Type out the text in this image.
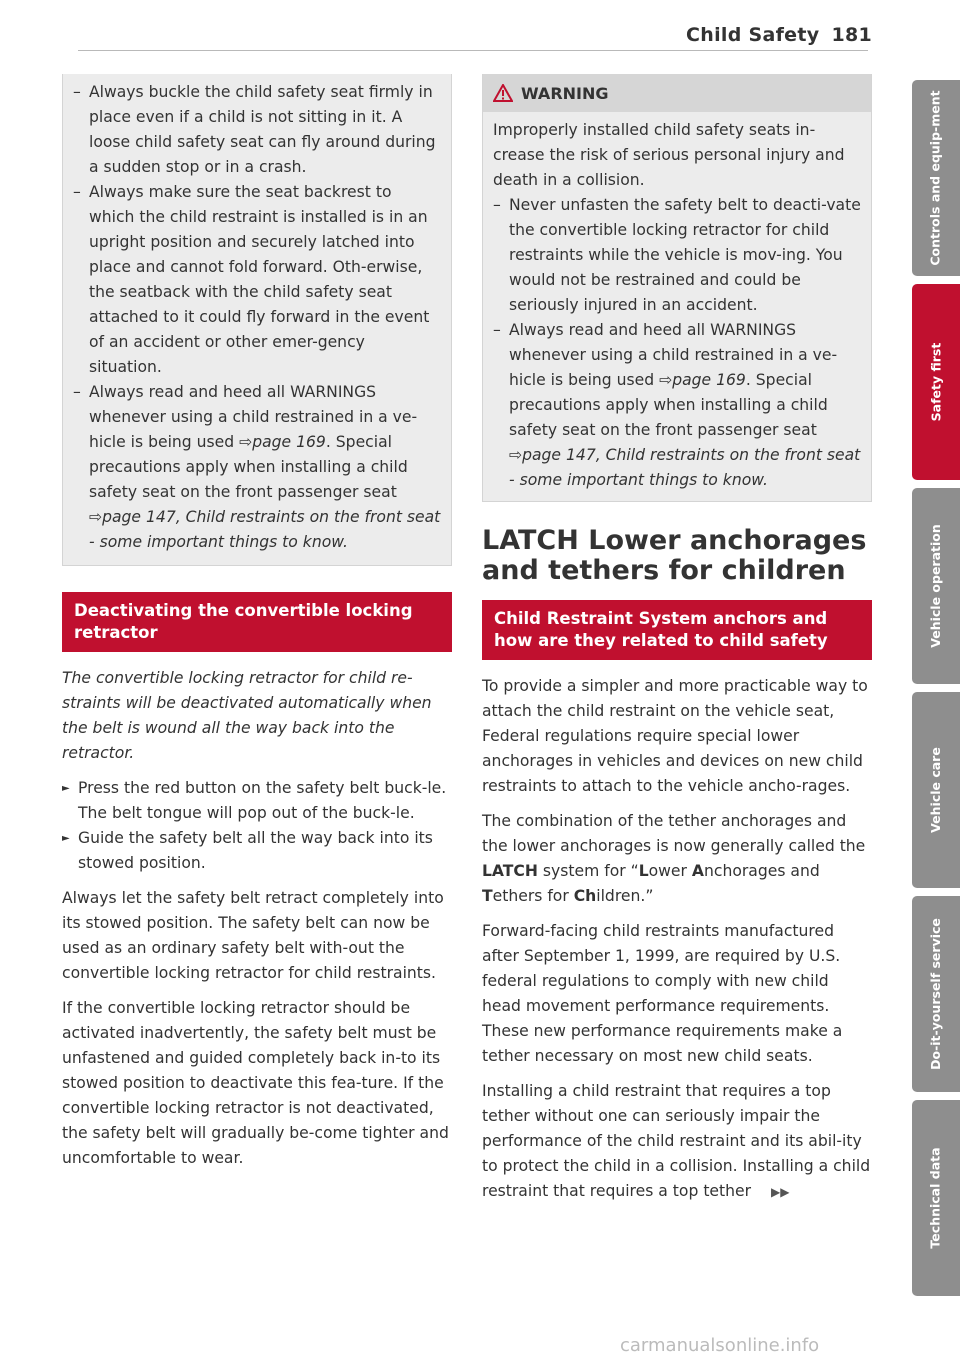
Child Safety 181
– Always buckle the child safety seat firmly in place even if a child is not sitting in it. A loose child safety seat can fly around during a sudden stop or in a crash.
– Always make sure the seat backrest to which the child restraint is installed is in an upright position and securely latched into place and cannot fold forward. Oth-erwise, the seatback with the child safety seat attached to it could fly forward in the event of an accident or other emer-gency situation.
– Always read and heed all WARNINGS whenever using a child restrained in a ve-hicle is being used ⇨page 169. Special precautions apply when installing a child safety seat on the front passenger seat ⇨page 147, Child restraints on the front seat - some important things to know.
Deactivating the convertible locking retractor

The convertible locking retractor for child re-straints will be deactivated automatically when the belt is wound all the way back into the retractor.

► Press the red button on the safety belt buck-le. The belt tongue will pop out of the buck-le.
► Guide the safety belt all the way back into its stowed position.

Always let the safety belt retract completely into its stowed position. The safety belt can now be used as an ordinary safety belt with-out the convertible locking retractor for child restraints.

If the convertible locking retractor should be activated inadvertently, the safety belt must be unfastened and guided completely back in-to its stowed position to deactivate this fea-ture. If the convertible locking retractor is not deactivated, the safety belt will gradually be-come tighter and uncomfortable to wear.

WARNING

Improperly installed child safety seats in-crease the risk of serious personal injury and death in a collision.

– Never unfasten the safety belt to deacti-vate the convertible locking retractor for child restraints while the vehicle is mov-ing. You would not be restrained and could be seriously injured in an accident.
– Always read and heed all WARNINGS whenever using a child restrained in a ve-hicle is being used ⇨page 169. Special precautions apply when installing a child safety seat on the front passenger seat ⇨page 147, Child restraints on the front seat - some important things to know.
LATCH Lower anchorages and tethers for children
Child Restraint System anchors and how are they related to child safety

To provide a simpler and more practicable way to attach the child restraint on the vehicle seat, Federal regulations require special lower anchorages in vehicles and devices on new child restraints to attach to the vehicle ancho-rages.

The combination of the tether anchorages and the lower anchorages is now generally called the LATCH system for “Lower Anchorages and Tethers for Children.”

Forward-facing child restraints manufactured after September 1, 1999, are required by U.S. federal regulations to comply with new child head movement performance requirements. These new performance requirements make a tether necessary on most new child seats.

Installing a child restraint that requires a top tether without one can seriously impair the performance of the child restraint and its abil-ity to protect the child in a collision. Installing a child restraint that requires a top tether ▶▶

Controls and equip-ment
Safety first
Vehicle operation
Vehicle care
Do-it-yourself service
Technical data
carmanualsonline.info
